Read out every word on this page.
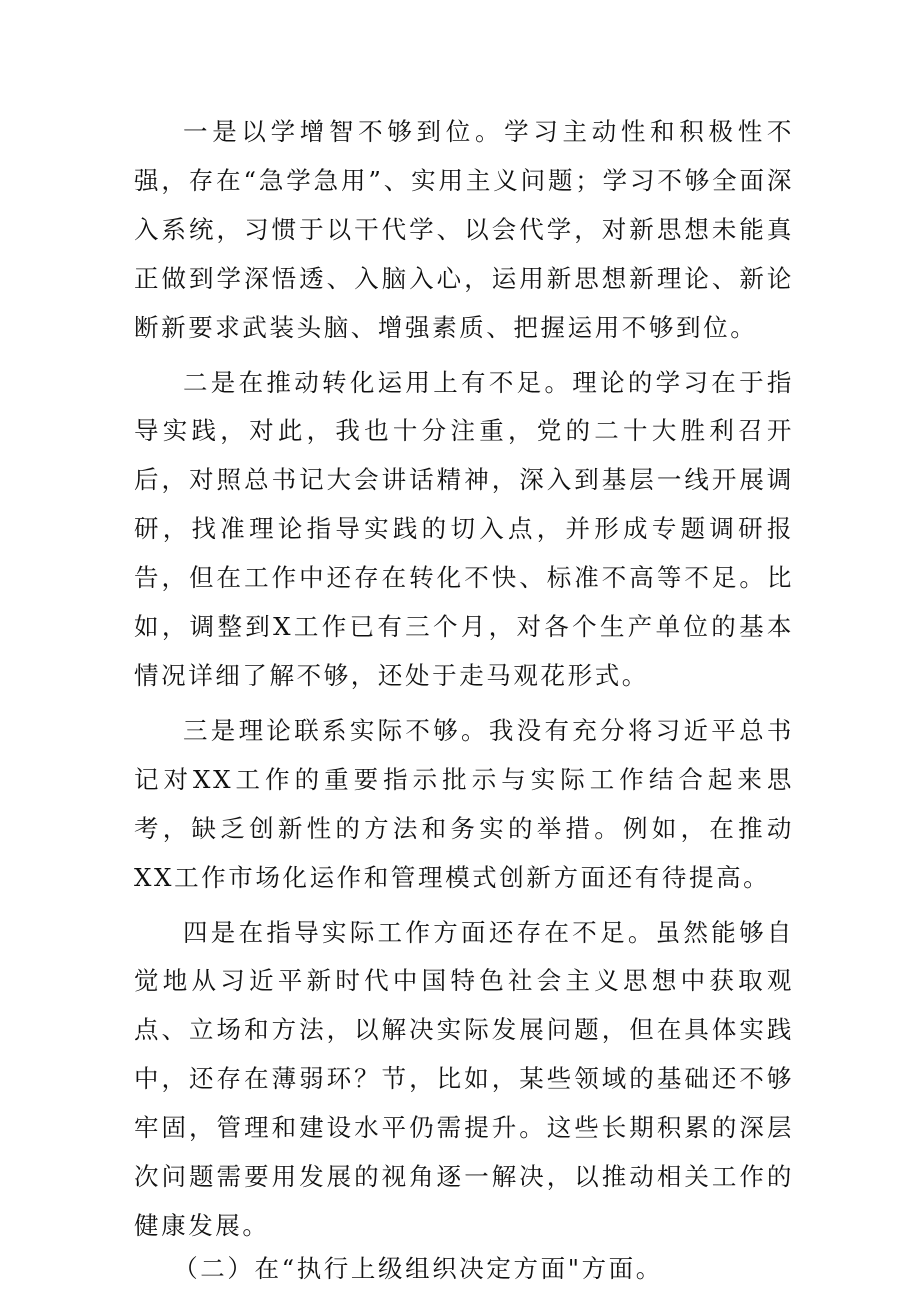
一是以学增智不够到位。学习主动性和积极性不强，存在“急学急用”、实用主义问题；学习不够全面深入系统，习惯于以干代学、以会代学，对新思想未能真正做到学深悟透、入脑入心，运用新思想新理论、新论断新要求武装头脑、增强素质、把握运用不够到位。

二是在推动转化运用上有不足。理论的学习在于指导实践，对此，我也十分注重，党的二十大胜利召开后，对照总书记大会讲话精神，深入到基层一线开展调研，找准理论指导实践的切入点，并形成专题调研报告，但在工作中还存在转化不快、标准不高等不足。比如，调整到X工作已有三个月，对各个生产单位的基本情况详细了解不够，还处于走马观花形式。

三是理论联系实际不够。我没有充分将习近平总书记对XX工作的重要指示批示与实际工作结合起来思考，缺乏创新性的方法和务实的举措。例如，在推动XX工作市场化运作和管理模式创新方面还有待提高。

四是在指导实际工作方面还存在不足。虽然能够自觉地从习近平新时代中国特色社会主义思想中获取观点、立场和方法，以解决实际发展问题，但在具体实践中，还存在薄弱环？节，比如，某些领域的基础还不够牢固，管理和建设水平仍需提升。这些长期积累的深层次问题需要用发展的视角逐一解决，以推动相关工作的健康发展。

（二）在“执行上级组织决定方面"方面。
